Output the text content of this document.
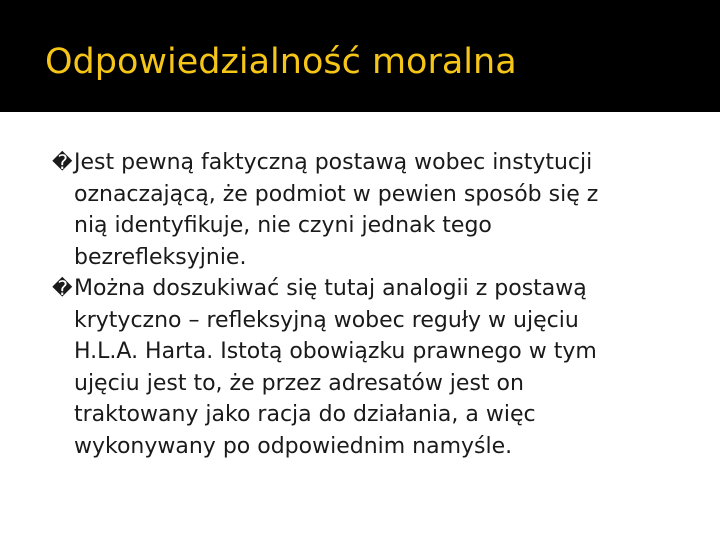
Odpowiedzialność moralna
� Jest pewną faktyczną postawą wobec instytucji
oznaczającą, że podmiot w pewien sposób się z
nią identyfikuje, nie czyni jednak tego
bezrefleksyjnie.
� Można doszukiwać się tutaj analogii z postawą
krytyczno – refleksyjną wobec reguły w ujęciu
H.L.A. Harta. Istotą obowiązku prawnego w tym
ujęciu jest to, że przez adresatów jest on
traktowany jako racja do działania, a więc
wykonywany po odpowiednim namyśle.
